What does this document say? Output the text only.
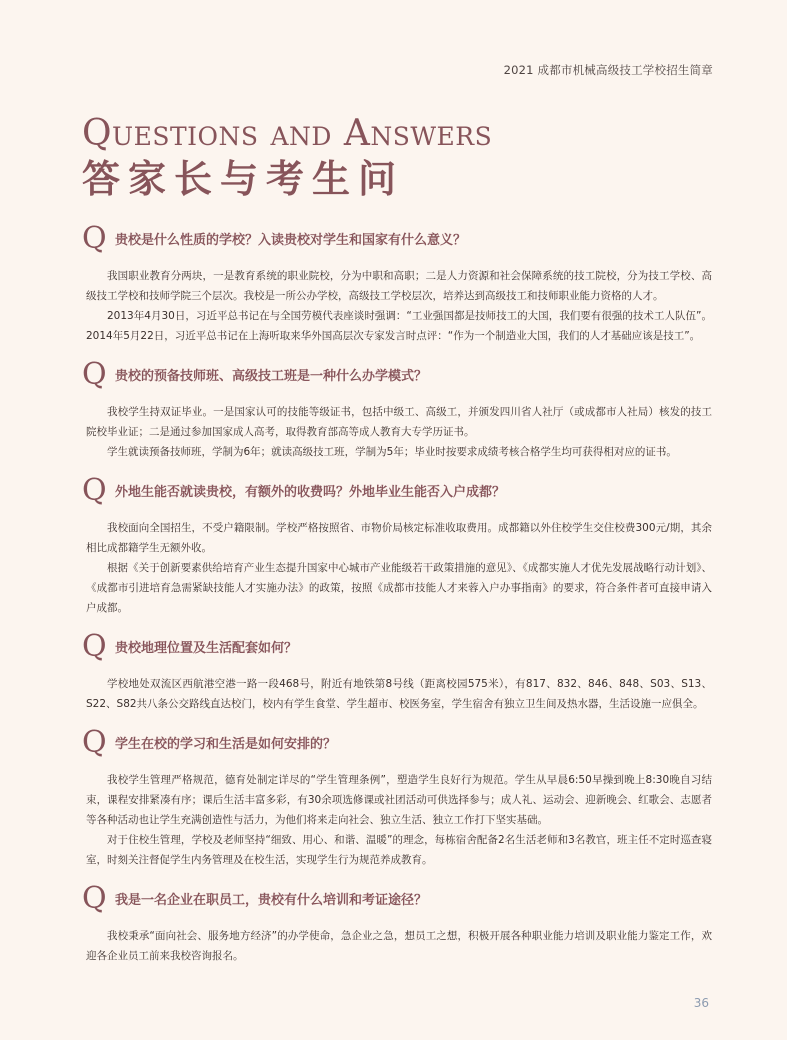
2021 成都市机械高级技工学校招生简章
Questions and Answers
答家长与考生问
Q 贵校是什么性质的学校？入读贵校对学生和国家有什么意义？

我国职业教育分两块，一是教育系统的职业院校，分为中职和高职；二是人力资源和社会保障系统的技工院校，分为技工学校、高级技工学校和技师学院三个层次。我校是一所公办学校，高级技工学校层次，培养达到高级技工和技师职业能力资格的人才。

2013年4月30日，习近平总书记在与全国劳模代表座谈时强调：“工业强国都是技师技工的大国，我们要有很强的技术工人队伍”。2014年5月22日，习近平总书记在上海听取来华外国高层次专家发言时点评：“作为一个制造业大国，我们的人才基础应该是技工”。

Q 贵校的预备技师班、高级技工班是一种什么办学模式？

我校学生持双证毕业。一是国家认可的技能等级证书，包括中级工、高级工，并颁发四川省人社厅（或成都市人社局）核发的技工院校毕业证；二是通过参加国家成人高考，取得教育部高等成人教育大专学历证书。

学生就读预备技师班，学制为6年；就读高级技工班，学制为5年；毕业时按要求成绩考核合格学生均可获得相对应的证书。

Q 外地生能否就读贵校，有额外的收费吗？外地毕业生能否入户成都？

我校面向全国招生，不受户籍限制。学校严格按照省、市物价局核定标准收取费用。成都籍以外住校学生交住校费300元/期，其余相比成都籍学生无额外收。

根据《关于创新要素供给培育产业生态提升国家中心城市产业能级若干政策措施的意见》、《成都实施人才优先发展战略行动计划》、《成都市引进培育急需紧缺技能人才实施办法》的政策，按照《成都市技能人才来蓉入户办事指南》的要求，符合条件者可直接申请入户成都。

Q 贵校地理位置及生活配套如何？

学校地处双流区西航港空港一路一段468号，附近有地铁第8号线（距离校园575米），有817、832、846、848、S03、S13、S22、S82共八条公交路线直达校门，校内有学生食堂、学生超市、校医务室，学生宿舍有独立卫生间及热水器，生活设施一应俱全。

Q 学生在校的学习和生活是如何安排的？

我校学生管理严格规范，德育处制定详尽的“学生管理条例”，塑造学生良好行为规范。学生从早晨6:50早操到晚上8:30晚自习结束，课程安排紧凑有序；课后生活丰富多彩，有30余项选修课或社团活动可供选择参与；成人礼、运动会、迎新晚会、红歌会、志愿者等各种活动也让学生充满创造性与活力，为他们将来走向社会、独立生活、独立工作打下坚实基础。

对于住校生管理，学校及老师坚持“细致、用心、和谐、温暖”的理念，每栋宿舍配备2名生活老师和3名教官，班主任不定时巡查寝室，时刻关注督促学生内务管理及在校生活，实现学生行为规范养成教育。

Q 我是一名企业在职员工，贵校有什么培训和考证途径？

我校秉承“面向社会、服务地方经济”的办学使命，急企业之急，想员工之想，积极开展各种职业能力培训及职业能力鉴定工作，欢迎各企业员工前来我校咨询报名。

36
